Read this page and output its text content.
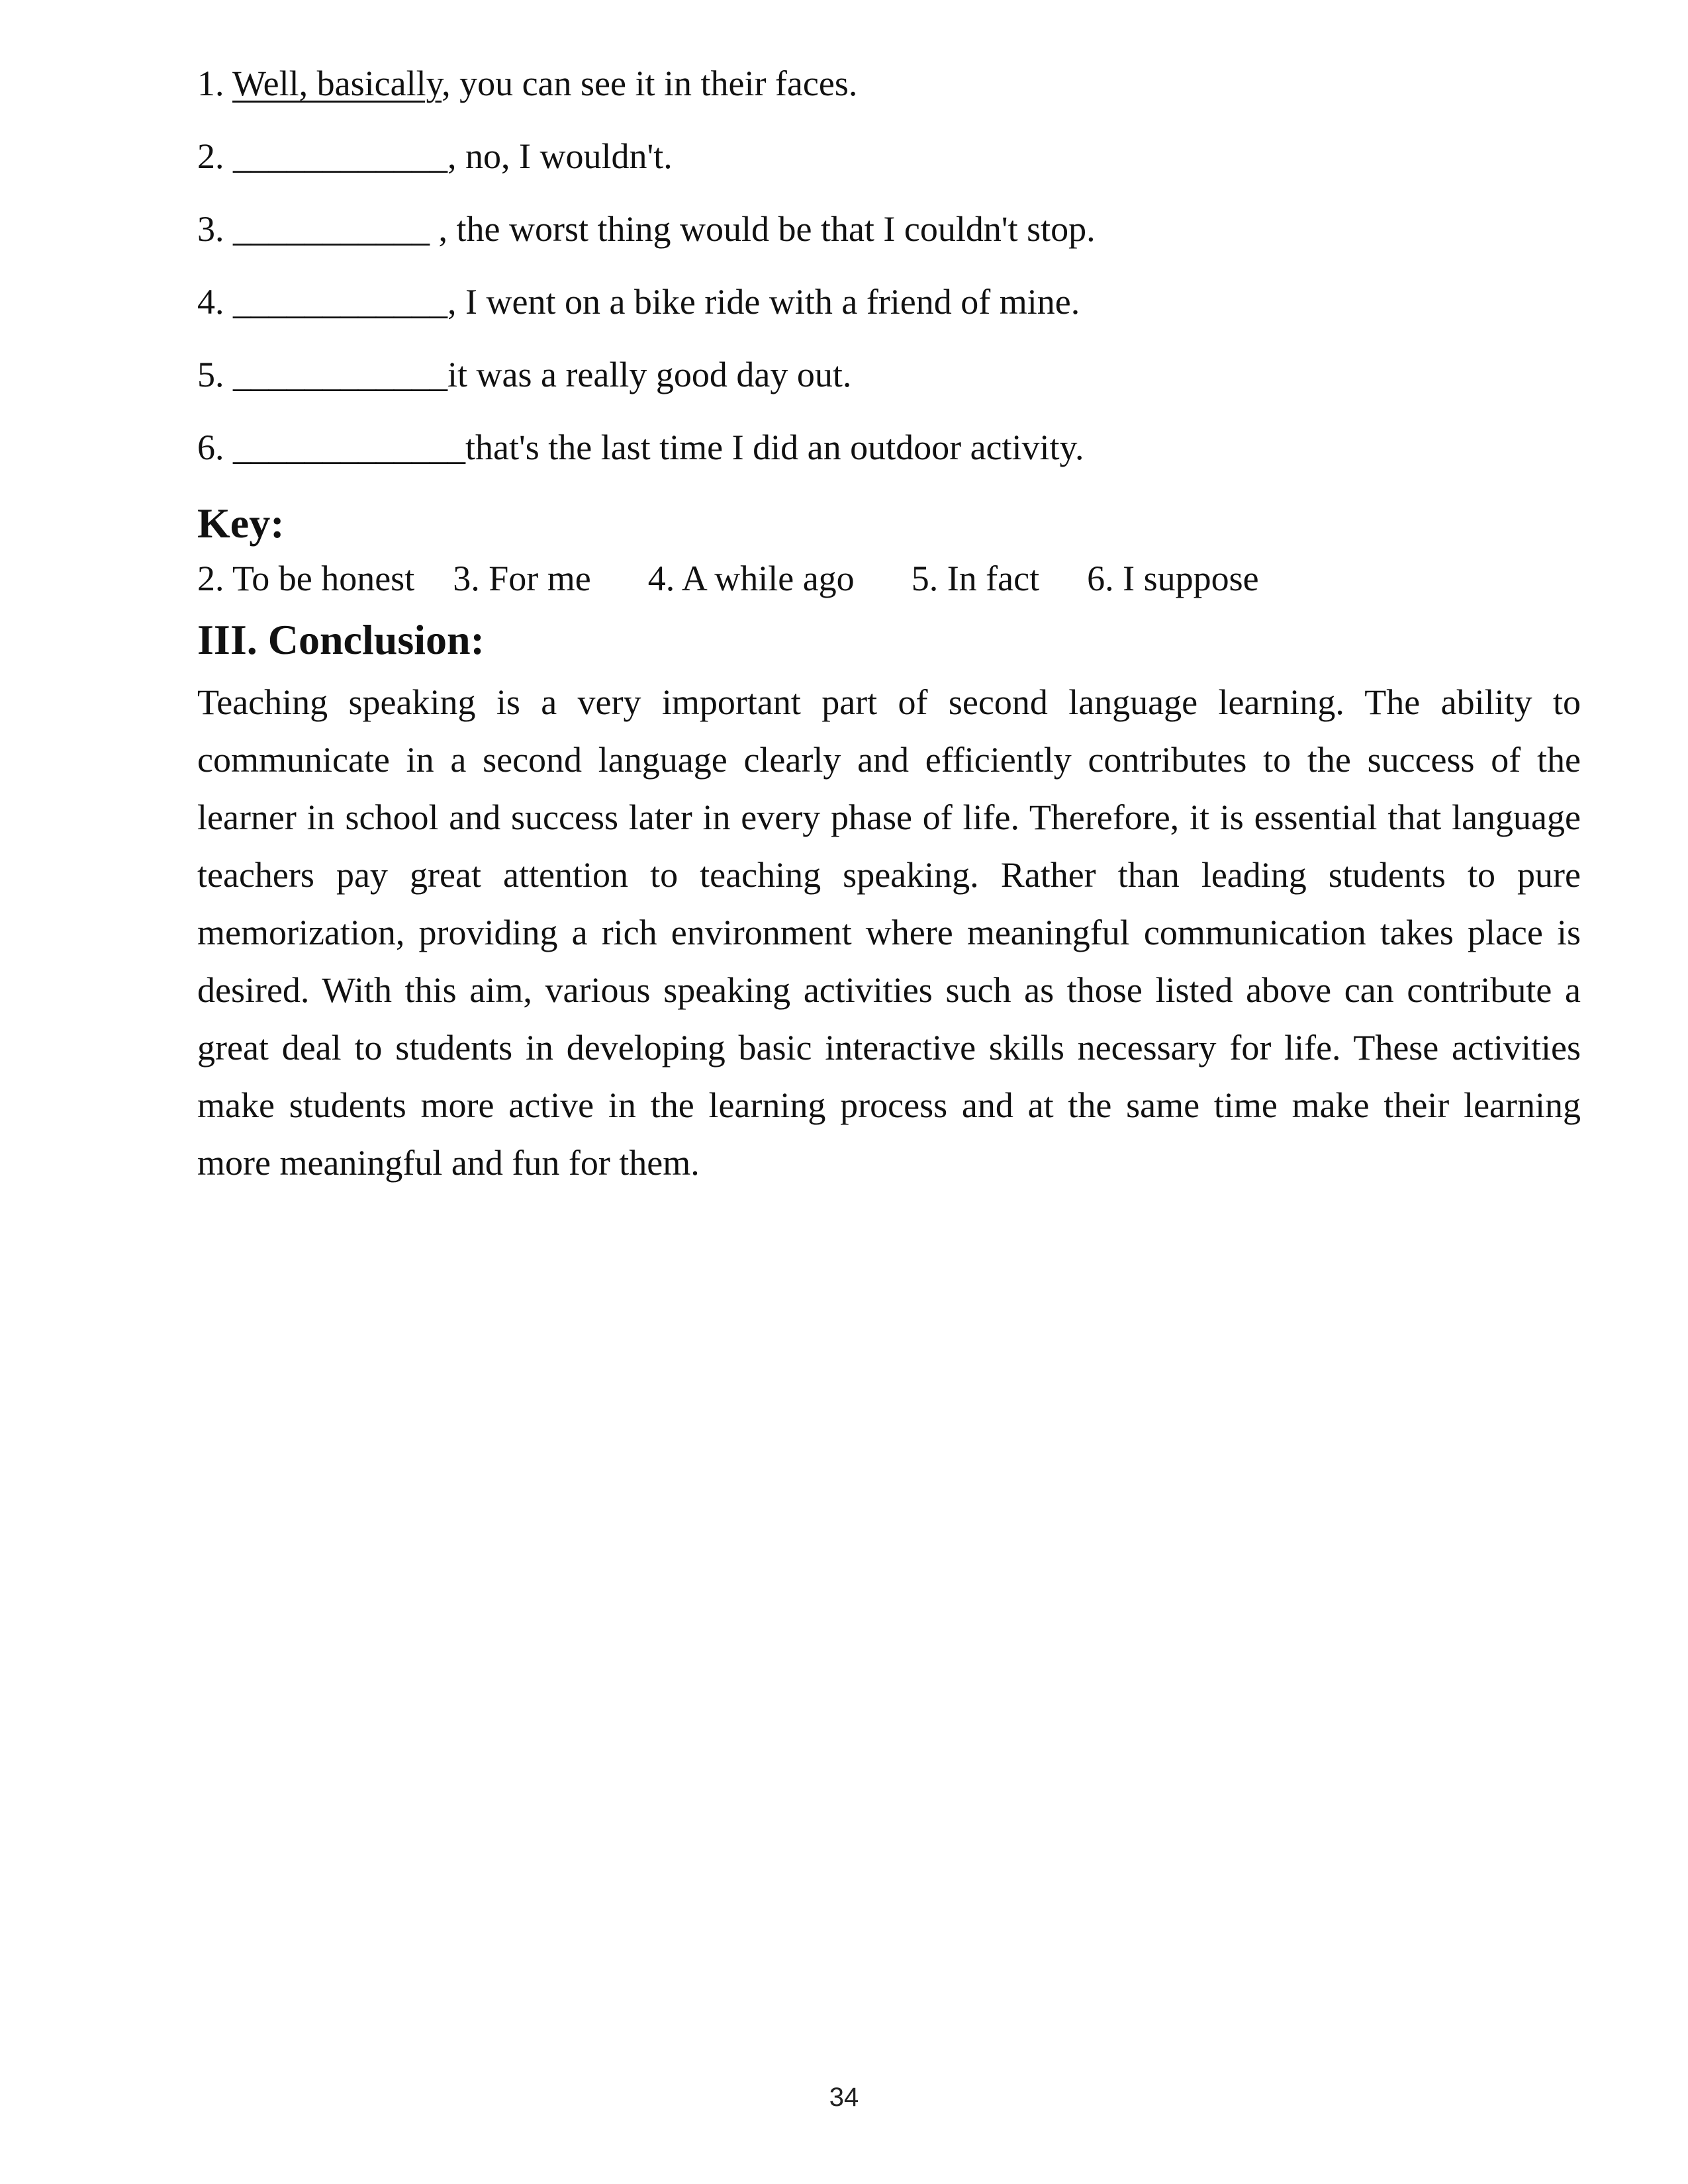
1. Well, basically, you can see it in their faces.
2. ____________, no, I wouldn't.
3. ___________ , the worst thing would be that I couldn't stop.
4. ____________, I went on a bike ride with a friend of mine.
5. ____________it was a really good day out.
6. _____________that's the last time I did an outdoor activity.
Key:
2. To be honest 3. For me 4. A while ago 5. In fact 6. I suppose
III. Conclusion:

Teaching speaking is a very important part of second language learning. The ability to communicate in a second language clearly and efficiently contributes to the success of the learner in school and success later in every phase of life. Therefore, it is essential that language teachers pay great attention to teaching speaking. Rather than leading students to pure memorization, providing a rich environment where meaningful communication takes place is desired. With this aim, various speaking activities such as those listed above can contribute a great deal to students in developing basic interactive skills necessary for life. These activities make students more active in the learning process and at the same time make their learning more meaningful and fun for them.

34
